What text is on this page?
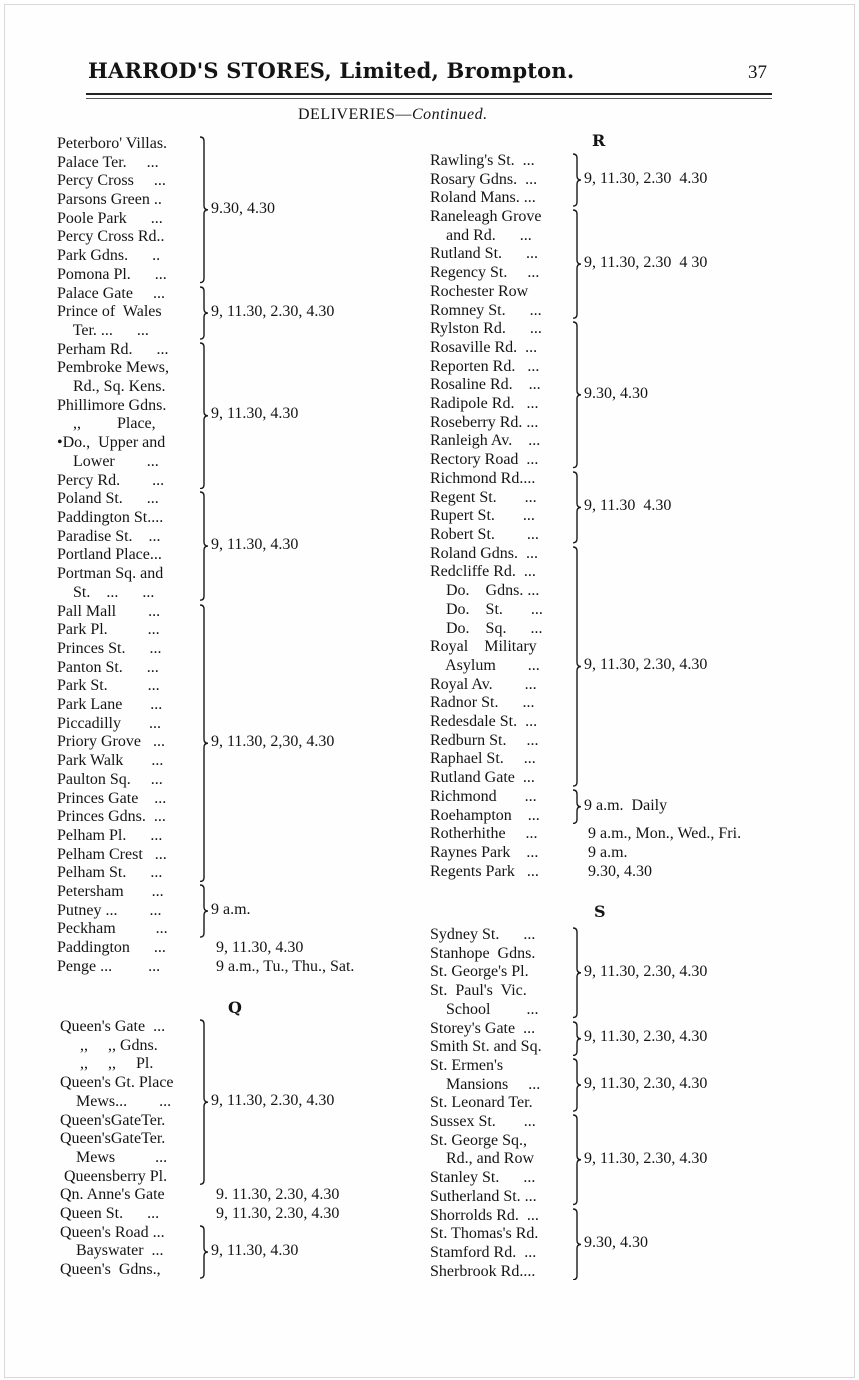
HARROD'S STORES, Limited, Brompton.	37
DELIVERIES—Continued.
Q
R
S
Peterboro' Villas.
Palace Ter.     ...
Percy Cross     ...
Parsons Green ..
Poole Park      ...
Percy Cross Rd..
Park Gdns.      ..
Pomona Pl.      ...
9.30, 4.30
Palace Gate     ...
Prince of  Wales
Ter. ...      ...
9, 11.30, 2.30, 4.30
Perham Rd.      ...
Pembroke Mews,
Rd., Sq. Kens.
Phillimore Gdns.
,,         Place,
•Do.,  Upper and
Lower        ...
Percy Rd.        ...
9, 11.30, 4.30
Poland St.      ...
Paddington St....
Paradise St.    ...
Portland Place...
Portman Sq. and
St.    ...      ...
9, 11.30, 4.30
Pall Mall        ...
Park Pl.          ...
Princes St.      ...
Panton St.      ...
Park St.          ...
Park Lane       ...
Piccadilly       ...
Priory Grove   ...
Park Walk       ...
Paulton Sq.     ...
Princes Gate    ...
Princes Gdns.  ...
Pelham Pl.      ...
Pelham Crest   ...
Pelham St.      ...
9, 11.30, 2,30, 4.30
Petersham       ...
Putney ...        ...
Peckham          ...
9 a.m.
Paddington      ...	9, 11.30, 4.30
Penge ...         ...	9 a.m., Tu., Thu., Sat.
Queen's Gate  ...
,,     ,, Gdns.
,,     ,,     Pl.
Queen's Gt. Place
Mews...        ...
Queen'sGateTer.
Queen'sGateTer.
Mews          ...
Queensberry Pl.
9, 11.30, 2.30, 4.30
Qn. Anne's Gate	9. 11.30, 2.30, 4.30
Queen St.      ...	9, 11.30, 2.30, 4.30
Queen's Road ...
Bayswater  ...
Queen's  Gdns.,
9, 11.30, 4.30
Rawling's St.  ...
Rosary Gdns.  ...
Roland Mans. ...
9, 11.30, 2.30  4.30
Raneleagh Grove
and Rd.      ...
Rutland St.      ...
Regency St.     ...
Rochester Row
Romney St.      ...
9, 11.30, 2.30  4 30
Rylston Rd.      ...
Rosaville Rd.  ...
Reporten Rd.   ...
Rosaline Rd.    ...
Radipole Rd.   ...
Roseberry Rd. ...
Ranleigh Av.    ...
Rectory Road  ...
9.30, 4.30
Richmond Rd....
Regent St.       ...
Rupert St.       ...
Robert St.        ...
9, 11.30  4.30
Roland Gdns.  ...
Redcliffe Rd.  ...
Do.    Gdns. ...
Do.    St.       ...
Do.    Sq.      ...
Royal    Military
Asylum        ...
Royal Av.        ...
Radnor St.      ...
Redesdale St.  ...
Redburn St.     ...
Raphael St.     ...
Rutland Gate  ...
9, 11.30, 2.30, 4.30
Richmond       ...
Roehampton    ...
9 a.m.  Daily
Rotherhithe     ...	9 a.m., Mon., Wed., Fri.
Raynes Park    ...	9 a.m.
Regents Park   ...	9.30, 4.30
Sydney St.      ...
Stanhope  Gdns.
St. George's Pl.
St.  Paul's  Vic.
School         ...
9, 11.30, 2.30, 4.30
Storey's Gate  ...
Smith St. and Sq.
9, 11.30, 2.30, 4.30
St. Ermen's
Mansions     ...
St. Leonard Ter.
9, 11.30, 2.30, 4.30
Sussex St.       ...
St. George Sq.,
Rd., and Row
Stanley St.      ...
Sutherland St. ...
9, 11.30, 2.30, 4.30
Shorrolds Rd.  ...
St. Thomas's Rd.
Stamford Rd.  ...
Sherbrook Rd....
9.30, 4.30
